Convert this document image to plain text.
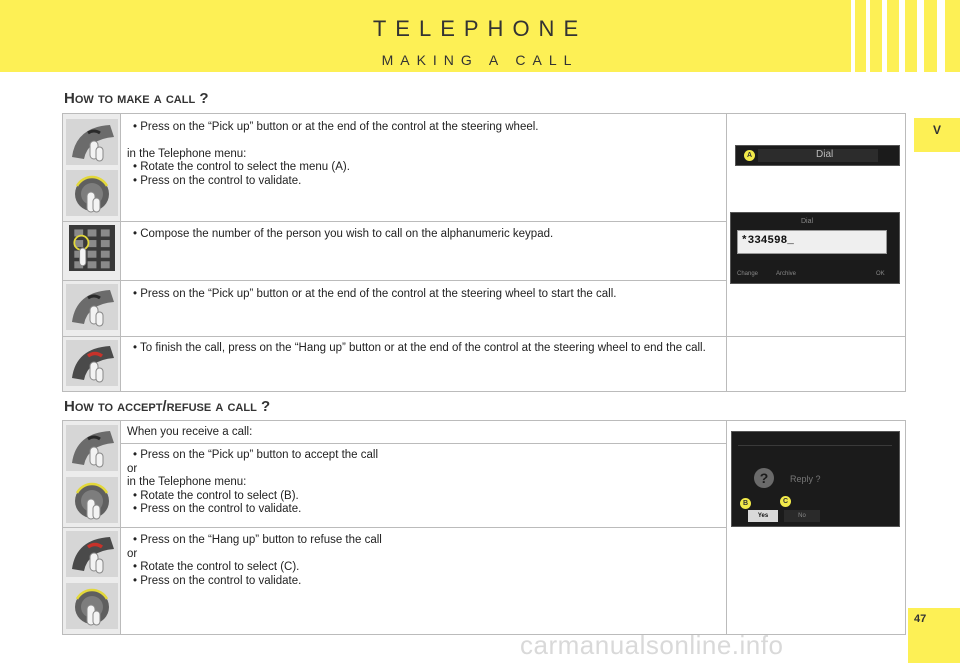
TELEPHONE
MAKING A CALL
V
47
How to make a call ?
• Press on the “Pick up” button or at the end of the control at the steering wheel.
in the Telephone menu:
• Rotate the control to select the menu (A).
• Press on the control to validate.
• Compose the number of the person you wish to call on the alphanumeric keypad.
• Press on the “Pick up” button or at the end of the control at the steering wheel to start the call.
• To finish the call, press on the “Hang up” button or at the end of the control at the steering wheel to end the call.
A	Dial
Dial
*334598_
Change	Archive	OK
How to accept/refuse a call ?
When you receive a call:
• Press on the “Pick up” button to accept the call
or
in the Telephone menu:
• Rotate the control to select (B).
• Press on the control to validate.
• Press on the “Hang up” button to refuse the call
or
• Rotate the control to select (C).
• Press on the control to validate.
?	Reply ?
B	C
Yes	No
carmanualsonline.info
